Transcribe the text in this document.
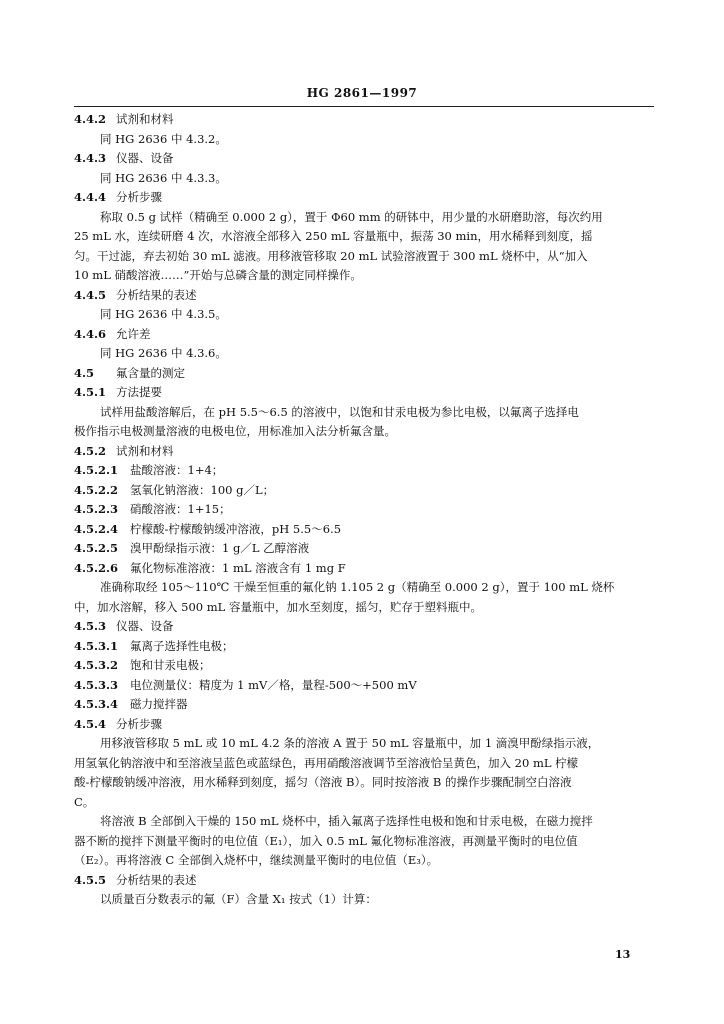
HG 2861—1997
4.4.2 试剂和材料
同 HG 2636 中 4.3.2。
4.4.3 仪器、设备
同 HG 2636 中 4.3.3。
4.4.4 分析步骤
称取 0.5 g 试样（精确至 0.000 2 g），置于 Φ60 mm 的研钵中，用少量的水研磨助溶，每次约用
25 mL 水，连续研磨 4 次，水溶液全部移入 250 mL 容量瓶中，振荡 30 min，用水稀释到刻度，摇
匀。干过滤，弃去初始 30 mL 滤液。用移液管移取 20 mL 试验溶液置于 300 mL 烧杯中，从“加入
10 mL 硝酸溶液……”开始与总磷含量的测定同样操作。
4.4.5 分析结果的表述
同 HG 2636 中 4.3.5。
4.4.6 允许差
同 HG 2636 中 4.3.6。
4.5 氟含量的测定
4.5.1 方法提要
试样用盐酸溶解后，在 pH 5.5～6.5 的溶液中，以饱和甘汞电极为参比电极，以氟离子选择电
极作指示电极测量溶液的电极电位，用标准加入法分析氟含量。
4.5.2 试剂和材料
4.5.2.1 盐酸溶液：1+4；
4.5.2.2 氢氧化钠溶液：100 g／L；
4.5.2.3 硝酸溶液：1+15；
4.5.2.4 柠檬酸-柠檬酸钠缓冲溶液，pH 5.5～6.5
4.5.2.5 溴甲酚绿指示液：1 g／L 乙醇溶液
4.5.2.6 氟化物标准溶液：1 mL 溶液含有 1 mg F
准确称取经 105～110℃ 干燥至恒重的氟化钠 1.105 2 g（精确至 0.000 2 g），置于 100 mL 烧杯
中，加水溶解，移入 500 mL 容量瓶中，加水至刻度，摇匀，贮存于塑料瓶中。
4.5.3 仪器、设备
4.5.3.1 氟离子选择性电极；
4.5.3.2 饱和甘汞电极；
4.5.3.3 电位测量仪：精度为 1 mV／格，量程-500～+500 mV
4.5.3.4 磁力搅拌器
4.5.4 分析步骤
用移液管移取 5 mL 或 10 mL 4.2 条的溶液 A 置于 50 mL 容量瓶中，加 1 滴溴甲酚绿指示液，
用氢氧化钠溶液中和至溶液呈蓝色或蓝绿色，再用硝酸溶液调节至溶液恰呈黄色，加入 20 mL 柠檬
酸-柠檬酸钠缓冲溶液，用水稀释到刻度，摇匀（溶液 B）。同时按溶液 B 的操作步骤配制空白溶液
C。
将溶液 B 全部倒入干燥的 150 mL 烧杯中，插入氟离子选择性电极和饱和甘汞电极，在磁力搅拌
器不断的搅拌下测量平衡时的电位值（E₁），加入 0.5 mL 氟化物标准溶液，再测量平衡时的电位值
（E₂）。再将溶液 C 全部倒入烧杯中，继续测量平衡时的电位值（E₃）。
4.5.5 分析结果的表述
以质量百分数表示的氟（F）含量 X₁ 按式（1）计算：
13
